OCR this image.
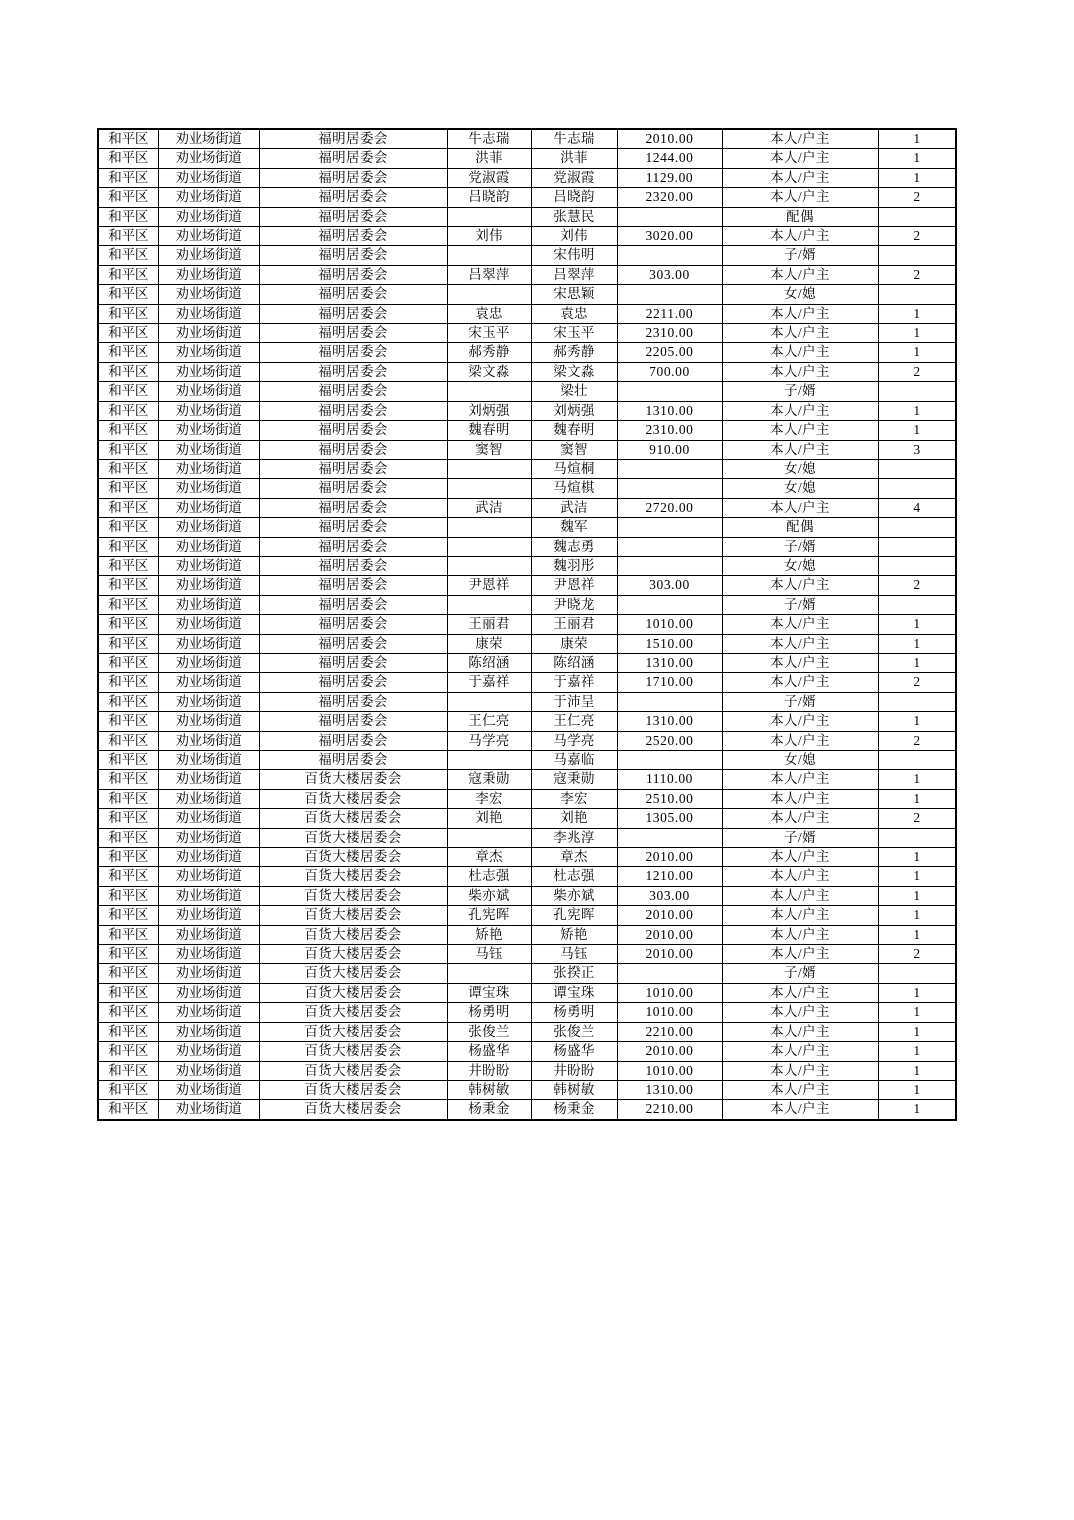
和平区	劝业场街道	福明居委会	牛志瑞	牛志瑞	2010.00	本人/户主	1
和平区	劝业场街道	福明居委会	洪菲	洪菲	1244.00	本人/户主	1
和平区	劝业场街道	福明居委会	党淑霞	党淑霞	1129.00	本人/户主	1
和平区	劝业场街道	福明居委会	吕晓韵	吕晓韵	2320.00	本人/户主	2
和平区	劝业场街道	福明居委会		张慧民		配偶	
和平区	劝业场街道	福明居委会	刘伟	刘伟	3020.00	本人/户主	2
和平区	劝业场街道	福明居委会		宋伟明		子/婿	
和平区	劝业场街道	福明居委会	吕翠萍	吕翠萍	303.00	本人/户主	2
和平区	劝业场街道	福明居委会		宋思颖		女/媳	
和平区	劝业场街道	福明居委会	袁忠	袁忠	2211.00	本人/户主	1
和平区	劝业场街道	福明居委会	宋玉平	宋玉平	2310.00	本人/户主	1
和平区	劝业场街道	福明居委会	郝秀静	郝秀静	2205.00	本人/户主	1
和平区	劝业场街道	福明居委会	梁文淼	梁文淼	700.00	本人/户主	2
和平区	劝业场街道	福明居委会		梁壮		子/婿	
和平区	劝业场街道	福明居委会	刘炳强	刘炳强	1310.00	本人/户主	1
和平区	劝业场街道	福明居委会	魏春明	魏春明	2310.00	本人/户主	1
和平区	劝业场街道	福明居委会	窦智	窦智	910.00	本人/户主	3
和平区	劝业场街道	福明居委会		马煊桐		女/媳	
和平区	劝业场街道	福明居委会		马煊棋		女/媳	
和平区	劝业场街道	福明居委会	武洁	武洁	2720.00	本人/户主	4
和平区	劝业场街道	福明居委会		魏军		配偶	
和平区	劝业场街道	福明居委会		魏志勇		子/婿	
和平区	劝业场街道	福明居委会		魏羽彤		女/媳	
和平区	劝业场街道	福明居委会	尹恩祥	尹恩祥	303.00	本人/户主	2
和平区	劝业场街道	福明居委会		尹晓龙		子/婿	
和平区	劝业场街道	福明居委会	王丽君	王丽君	1010.00	本人/户主	1
和平区	劝业场街道	福明居委会	康荣	康荣	1510.00	本人/户主	1
和平区	劝业场街道	福明居委会	陈绍涵	陈绍涵	1310.00	本人/户主	1
和平区	劝业场街道	福明居委会	于嘉祥	于嘉祥	1710.00	本人/户主	2
和平区	劝业场街道	福明居委会		于沛呈		子/婿	
和平区	劝业场街道	福明居委会	王仁亮	王仁亮	1310.00	本人/户主	1
和平区	劝业场街道	福明居委会	马学亮	马学亮	2520.00	本人/户主	2
和平区	劝业场街道	福明居委会		马嘉临		女/媳	
和平区	劝业场街道	百货大楼居委会	寇秉勋	寇秉勋	1110.00	本人/户主	1
和平区	劝业场街道	百货大楼居委会	李宏	李宏	2510.00	本人/户主	1
和平区	劝业场街道	百货大楼居委会	刘艳	刘艳	1305.00	本人/户主	2
和平区	劝业场街道	百货大楼居委会		李兆淳		子/婿	
和平区	劝业场街道	百货大楼居委会	章杰	章杰	2010.00	本人/户主	1
和平区	劝业场街道	百货大楼居委会	杜志强	杜志强	1210.00	本人/户主	1
和平区	劝业场街道	百货大楼居委会	柴亦斌	柴亦斌	303.00	本人/户主	1
和平区	劝业场街道	百货大楼居委会	孔宪晖	孔宪晖	2010.00	本人/户主	1
和平区	劝业场街道	百货大楼居委会	矫艳	矫艳	2010.00	本人/户主	1
和平区	劝业场街道	百货大楼居委会	马钰	马钰	2010.00	本人/户主	2
和平区	劝业场街道	百货大楼居委会		张揆正		子/婿	
和平区	劝业场街道	百货大楼居委会	谭宝珠	谭宝珠	1010.00	本人/户主	1
和平区	劝业场街道	百货大楼居委会	杨勇明	杨勇明	1010.00	本人/户主	1
和平区	劝业场街道	百货大楼居委会	张俊兰	张俊兰	2210.00	本人/户主	1
和平区	劝业场街道	百货大楼居委会	杨盛华	杨盛华	2010.00	本人/户主	1
和平区	劝业场街道	百货大楼居委会	井盼盼	井盼盼	1010.00	本人/户主	1
和平区	劝业场街道	百货大楼居委会	韩树敏	韩树敏	1310.00	本人/户主	1
和平区	劝业场街道	百货大楼居委会	杨秉金	杨秉金	2210.00	本人/户主	1
